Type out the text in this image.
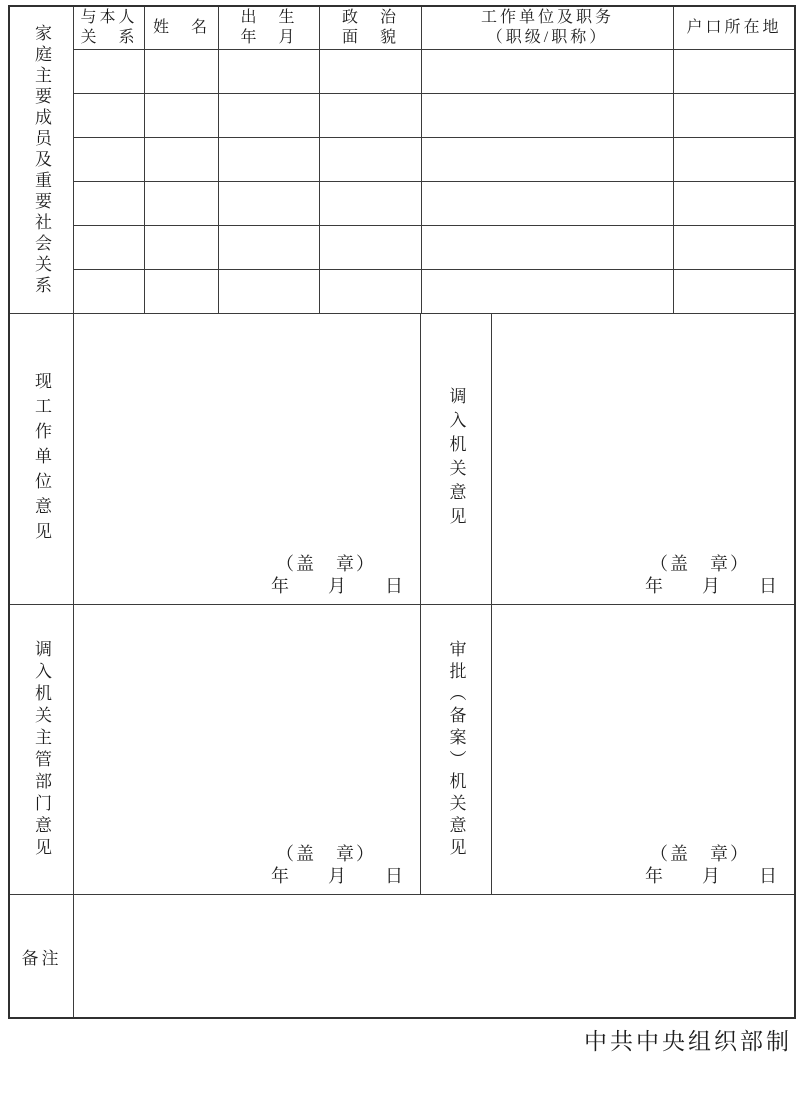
家庭主要成员及重要社会关系
与本人
关　系
姓　名
出　生
年　月
政　治
面　貌
工作单位及职务
（职级/职称）
户口所在地
现工作单位意见
（盖　章）
年　　月　　日
调入机关意见
（盖　章）
年　　月　　日
调入机关主管部门意见	（盖　章）
年　　月　　日
审批（备案）机关意见	（盖　章）
年　　月　　日
备注
中共中央组织部制
